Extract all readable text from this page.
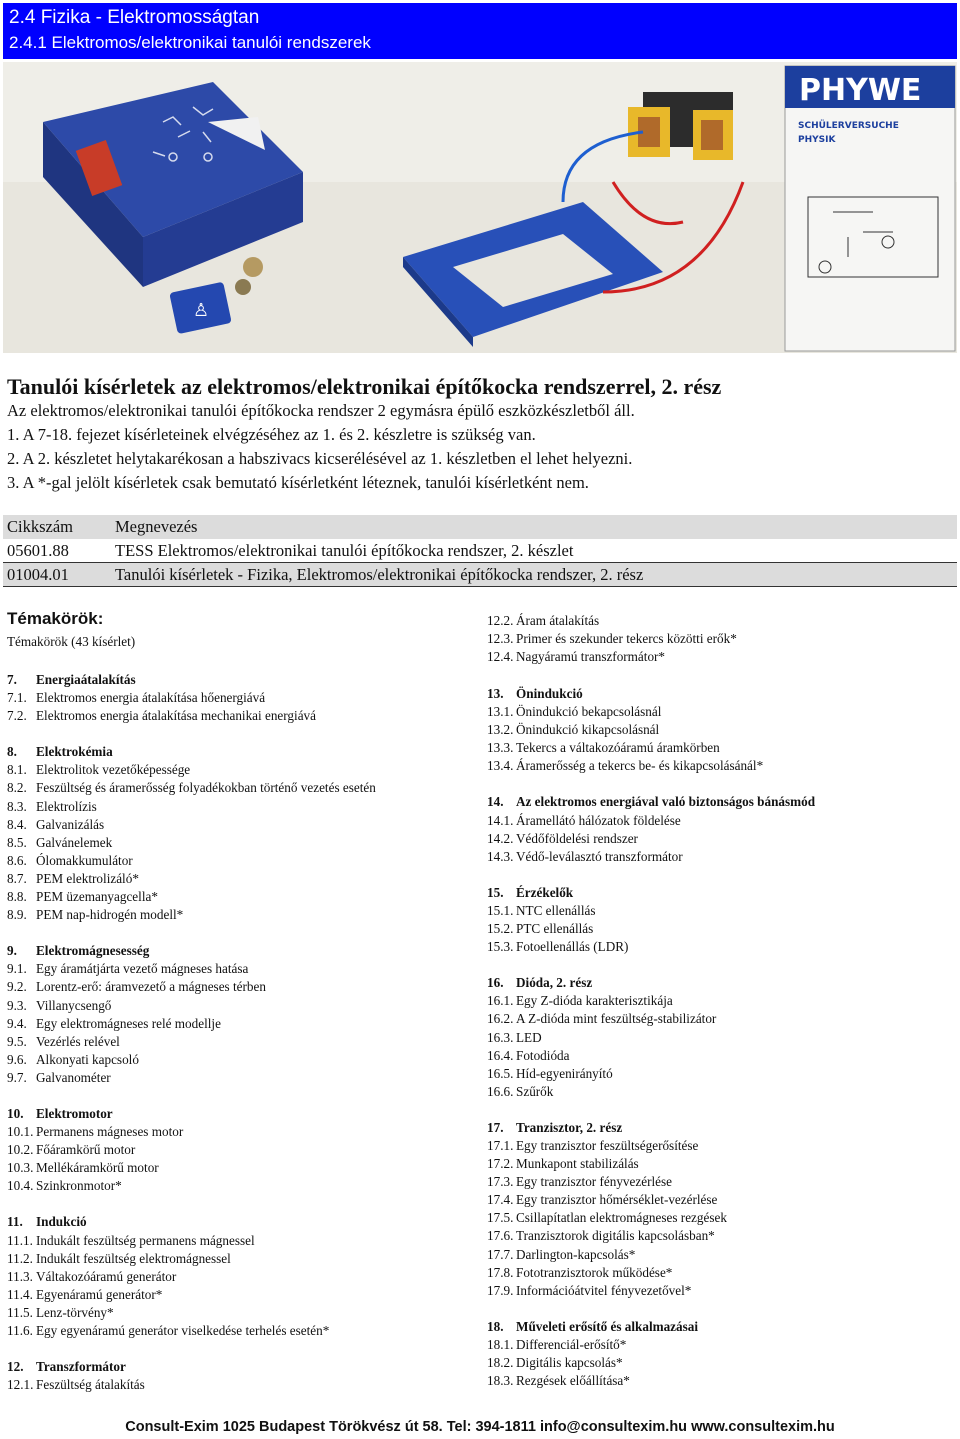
2.4 Fizika - Elektromosságtan
2.4.1 Elektromos/elektronikai tanulói rendszerek
♙
PHYWE
SCHÜLERVERSUCHE
PHYSIK
Tanulói kísérletek az elektromos/elektronikai építőkocka rendszerrel, 2. rész
Az elektromos/elektronikai tanulói építőkocka rendszer 2 egymásra épülő eszközkészletből áll.
1. A 7-18. fejezet kísérleteinek elvégzéséhez az 1. és 2. készletre is szükség van.
2. A 2. készletet helytakarékosan a habszivacs kicserélésével az 1. készletben el lehet helyezni.
3. A *-gal jelölt kísérletek csak bemutató kísérletként léteznek, tanulói kísérletként nem.
Cikkszám	Megnevezés
05601.88	TESS Elektromos/elektronikai tanulói építőkocka rendszer, 2. készlet
01004.01	Tanulói kísérletek - Fizika, Elektromos/elektronikai építőkocka rendszer, 2. rész
Témakörök:
Témakörök (43 kísérlet)
7. Energiaátalakítás
7.1. Elektromos energia átalakítása hőenergiává
7.2. Elektromos energia átalakítása mechanikai energiává
8. Elektrokémia
8.1. Elektrolitok vezetőképessége
8.2. Feszültség és áramerősség folyadékokban történő vezetés esetén
8.3. Elektrolízis
8.4. Galvanizálás
8.5. Galvánelemek
8.6. Ólomakkumulátor
8.7. PEM elektrolizáló*
8.8. PEM üzemanyagcella*
8.9. PEM nap-hidrogén modell*
9. Elektromágnesesség
9.1. Egy áramátjárta vezető mágneses hatása
9.2. Lorentz-erő: áramvezető a mágneses térben
9.3. Villanycsengő
9.4. Egy elektromágneses relé modellje
9.5. Vezérlés relével
9.6. Alkonyati kapcsoló
9.7. Galvanométer
10. Elektromotor
10.1. Permanens mágneses motor
10.2. Főáramkörű motor
10.3. Mellékáramkörű motor
10.4. Szinkronmotor*
11. Indukció
11.1. Indukált feszültség permanens mágnessel
11.2. Indukált feszültség elektromágnessel
11.3. Váltakozóáramú generátor
11.4. Egyenáramú generátor*
11.5. Lenz-törvény*
11.6. Egy egyenáramú generátor viselkedése terhelés esetén*
12. Transzformátor
12.1. Feszültség átalakítás
12.2. Áram átalakítás
12.3. Primer és szekunder tekercs közötti erők*
12.4. Nagyáramú transzformátor*
13. Önindukció
13.1. Önindukció bekapcsolásnál
13.2. Önindukció kikapcsolásnál
13.3. Tekercs a váltakozóáramú áramkörben
13.4. Áramerősség a tekercs be- és kikapcsolásánál*
14. Az elektromos energiával való biztonságos bánásmód
14.1. Áramellátó hálózatok földelése
14.2. Védőföldelési rendszer
14.3. Védő-leválasztó transzformátor
15. Érzékelők
15.1. NTC ellenállás
15.2. PTC ellenállás
15.3. Fotoellenállás (LDR)
16. Dióda, 2. rész
16.1. Egy Z-dióda karakterisztikája
16.2. A Z-dióda mint feszültség-stabilizátor
16.3. LED
16.4. Fotodióda
16.5. Híd-egyenirányító
16.6. Szűrők
17. Tranzisztor, 2. rész
17.1. Egy tranzisztor feszültségerősítése
17.2. Munkapont stabilizálás
17.3. Egy tranzisztor fényvezérlése
17.4. Egy tranzisztor hőmérséklet-vezérlése
17.5. Csillapítatlan elektromágneses rezgések
17.6. Tranzisztorok digitális kapcsolásban*
17.7. Darlington-kapcsolás*
17.8. Fototranzisztorok működése*
17.9. Információátvitel fényvezetővel*
18. Műveleti erősítő és alkalmazásai
18.1. Differenciál-erősítő*
18.2. Digitális kapcsolás*
18.3. Rezgések előállítása*
Consult-Exim 1025 Budapest Törökvész út 58. Tel: 394-1811 info@consultexim.hu www.consultexim.hu
